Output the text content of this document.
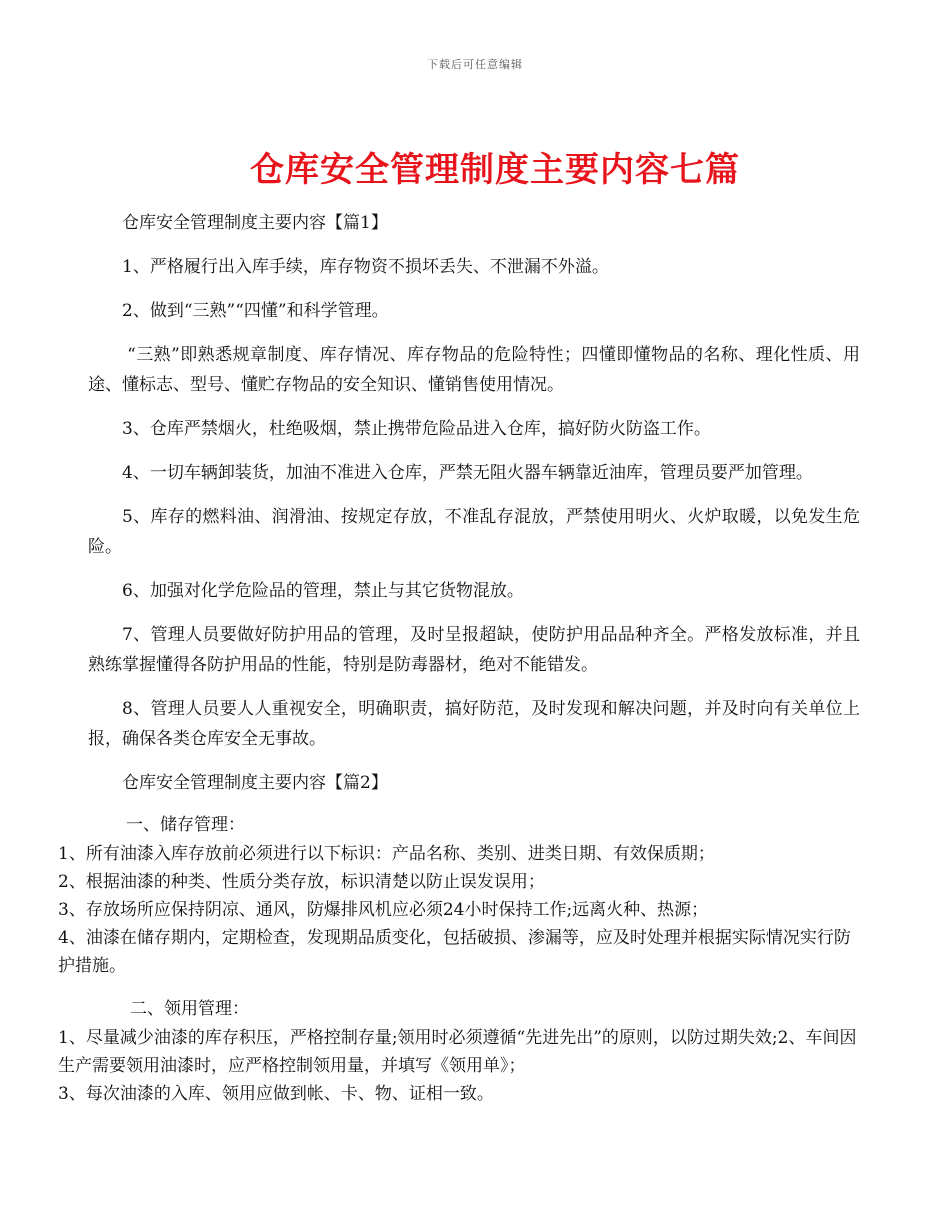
下载后可任意编辑
仓库安全管理制度主要内容七篇

仓库安全管理制度主要内容【篇1】

1、严格履行出入库手续，库存物资不损坏丢失、不泄漏不外溢。

2、做到“三熟”“四懂”和科学管理。

“三熟”即熟悉规章制度、库存情况、库存物品的危险特性；四懂即懂物品的名称、理化性质、用途、懂标志、型号、懂贮存物品的安全知识、懂销售使用情况。

3、仓库严禁烟火，杜绝吸烟，禁止携带危险品进入仓库，搞好防火防盗工作。

4、一切车辆卸装货，加油不准进入仓库，严禁无阻火器车辆靠近油库，管理员要严加管理。

5、库存的燃料油、润滑油、按规定存放，不准乱存混放，严禁使用明火、火炉取暖，以免发生危险。

6、加强对化学危险品的管理，禁止与其它货物混放。

7、管理人员要做好防护用品的管理，及时呈报超缺，使防护用品品种齐全。严格发放标准，并且熟练掌握懂得各防护用品的性能，特别是防毒器材，绝对不能错发。

8、管理人员要人人重视安全，明确职责，搞好防范，及时发现和解决问题，并及时向有关单位上报，确保各类仓库安全无事故。

仓库安全管理制度主要内容【篇2】

一、储存管理：

1、所有油漆入库存放前必须进行以下标识：产品名称、类别、进类日期、有效保质期；

2、根据油漆的种类、性质分类存放，标识清楚以防止误发误用；

3、存放场所应保持阴凉、通风，防爆排风机应必须24小时保持工作;远离火种、热源；

4、油漆在储存期内，定期检查，发现期品质变化，包括破损、渗漏等，应及时处理并根据实际情况实行防护措施。

二、领用管理：

1、尽量减少油漆的库存积压，严格控制存量;领用时必须遵循“先进先出”的原则，以防过期失效;2、车间因生产需要领用油漆时，应严格控制领用量，并填写《领用单》；

3、每次油漆的入库、领用应做到帐、卡、物、证相一致。
